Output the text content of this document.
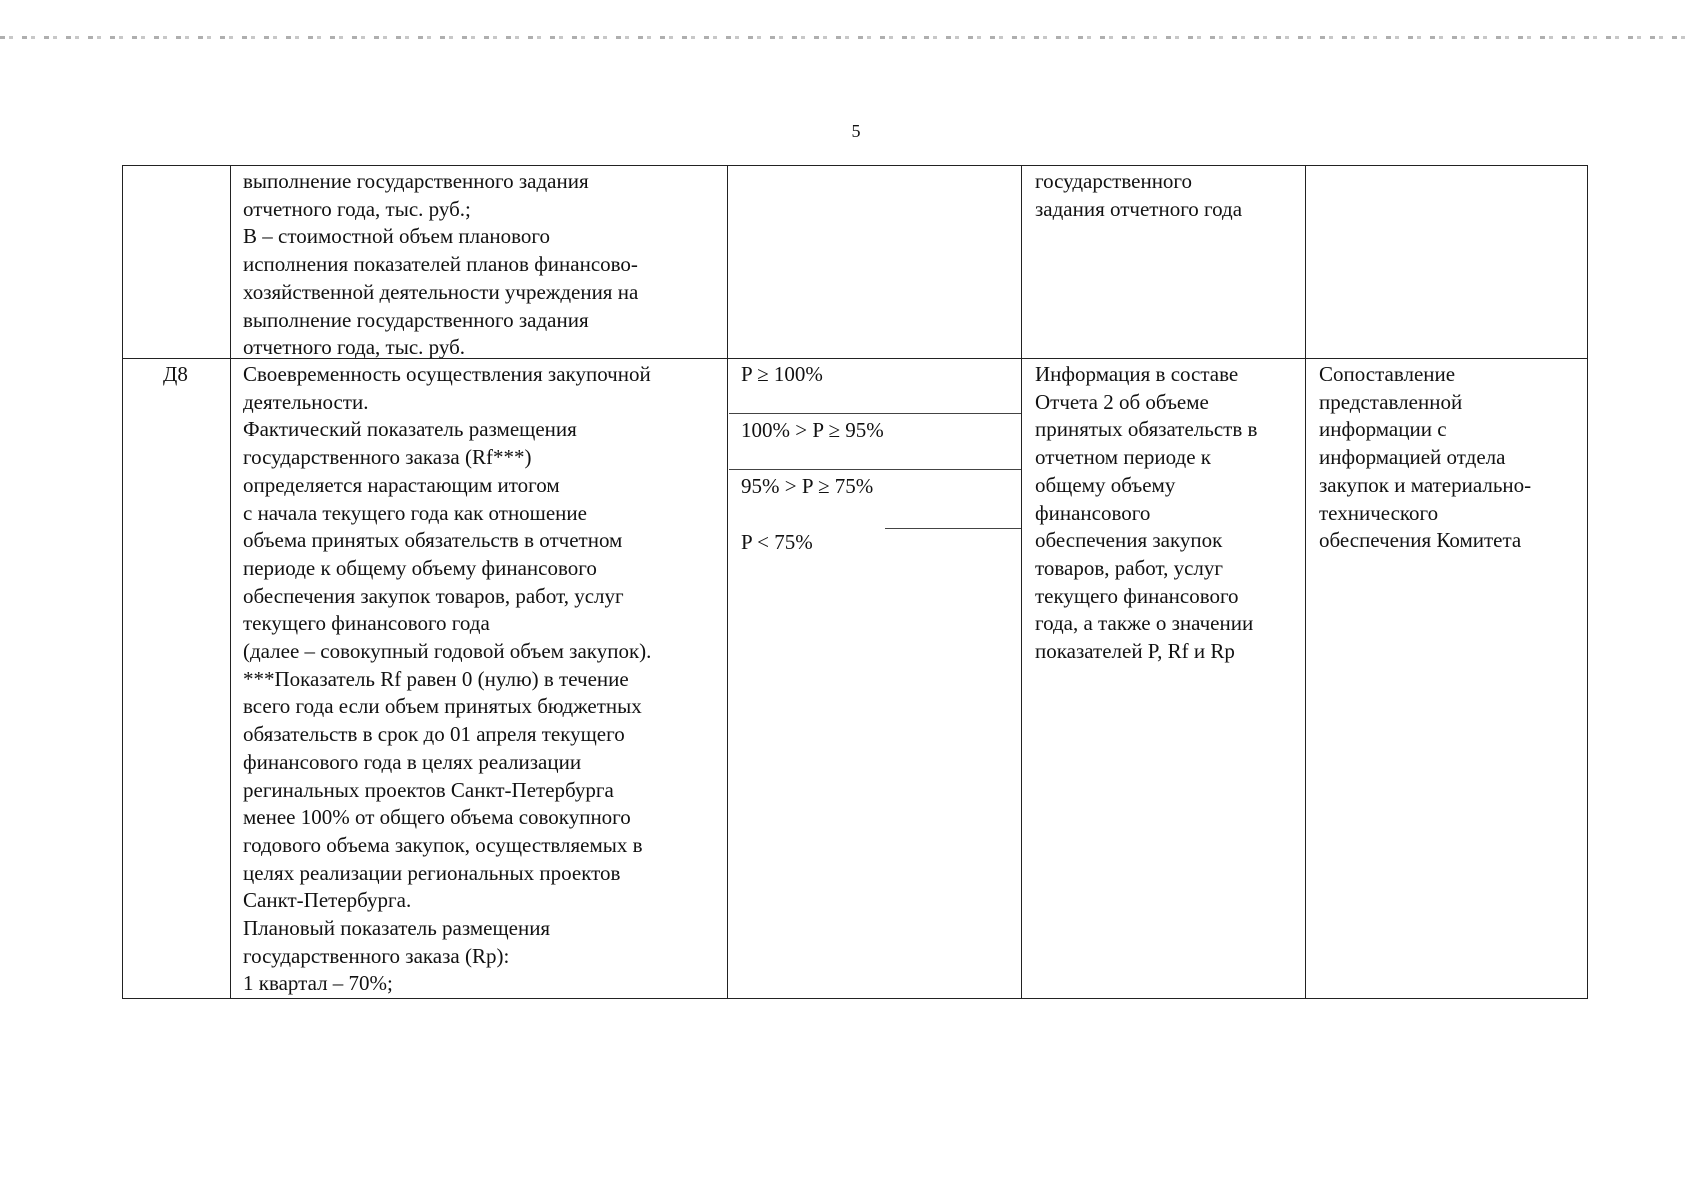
5
выполнение государственного задания
отчетного года, тыс. руб.;
В – стоимостной объем планового
исполнения показателей планов финансово-
хозяйственной деятельности учреждения на
выполнение государственного задания
отчетного года, тыс. руб.
государственного
задания отчетного года
Д8	Своевременность осуществления закупочной
деятельности.
Фактический показатель размещения
государственного заказа (Rf***)
определяется нарастающим итогом
с начала текущего года как отношение
объема принятых обязательств в отчетном
периоде к общему объему финансового
обеспечения закупок товаров, работ, услуг
текущего финансового года
(далее – совокупный годовой объем закупок).
***Показатель Rf равен 0 (нулю) в течение
всего года если объем принятых бюджетных
обязательств в срок до 01 апреля текущего
финансового года в целях реализации
регинальных проектов Санкт-Петербурга
менее 100% от общего объема совокупного
годового объема закупок, осуществляемых в
целях реализации региональных проектов
Санкт-Петербурга.
Плановый показатель размещения
государственного заказа (Rp):
1 квартал – 70%;
P ≥ 100%
100% > P ≥ 95%
95% > P ≥ 75%
P < 75%
Информация в составе
Отчета 2 об объеме
принятых обязательств в
отчетном периоде к
общему объему
финансового
обеспечения закупок
товаров, работ, услуг
текущего финансового
года, а также о значении
показателей P, Rf и Rp
Сопоставление
представленной
информации с
информацией отдела
закупок и материально-
технического
обеспечения Комитета
